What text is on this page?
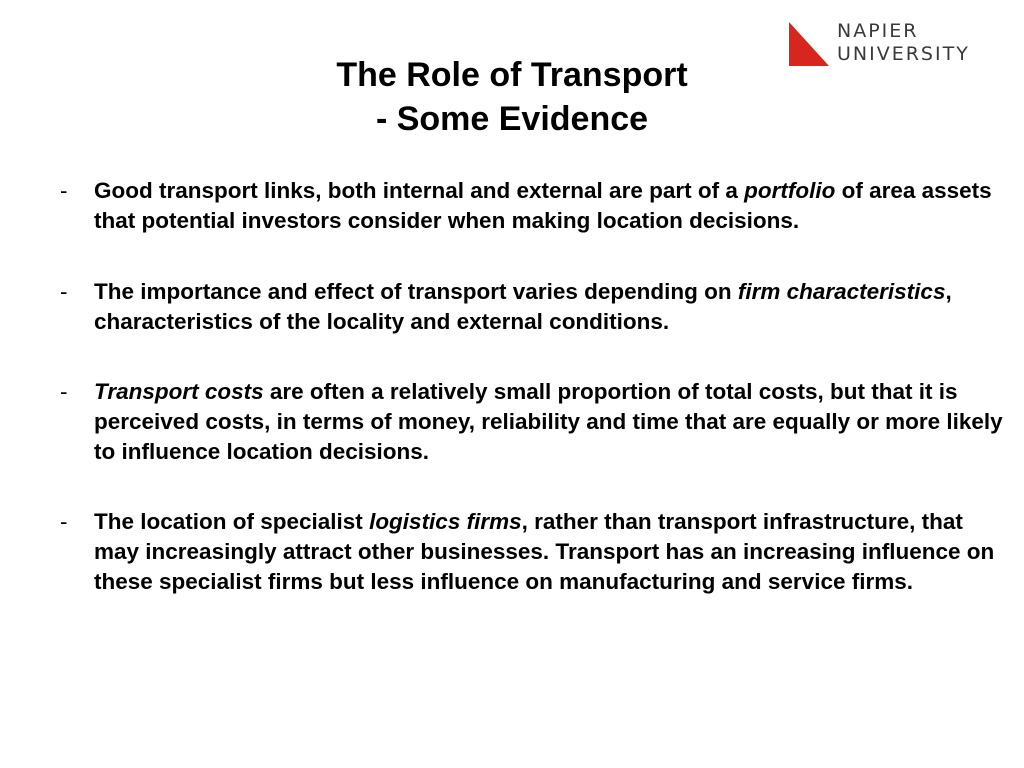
NAPIER
UNIVERSITY
The Role of Transport
- Some Evidence
- Good transport links, both internal and external are part of a portfolio of area assets that potential investors consider when making location decisions.
- The importance and effect of transport varies depending on firm characteristics, characteristics of the locality and external conditions.
- Transport costs are often a relatively small proportion of total costs, but that it is perceived costs, in terms of money, reliability and time that are equally or more likely to influence location decisions.
- The location of specialist logistics firms, rather than transport infrastructure, that may increasingly attract other businesses. Transport has an increasing influence on these specialist firms but less influence on manufacturing and service firms.
